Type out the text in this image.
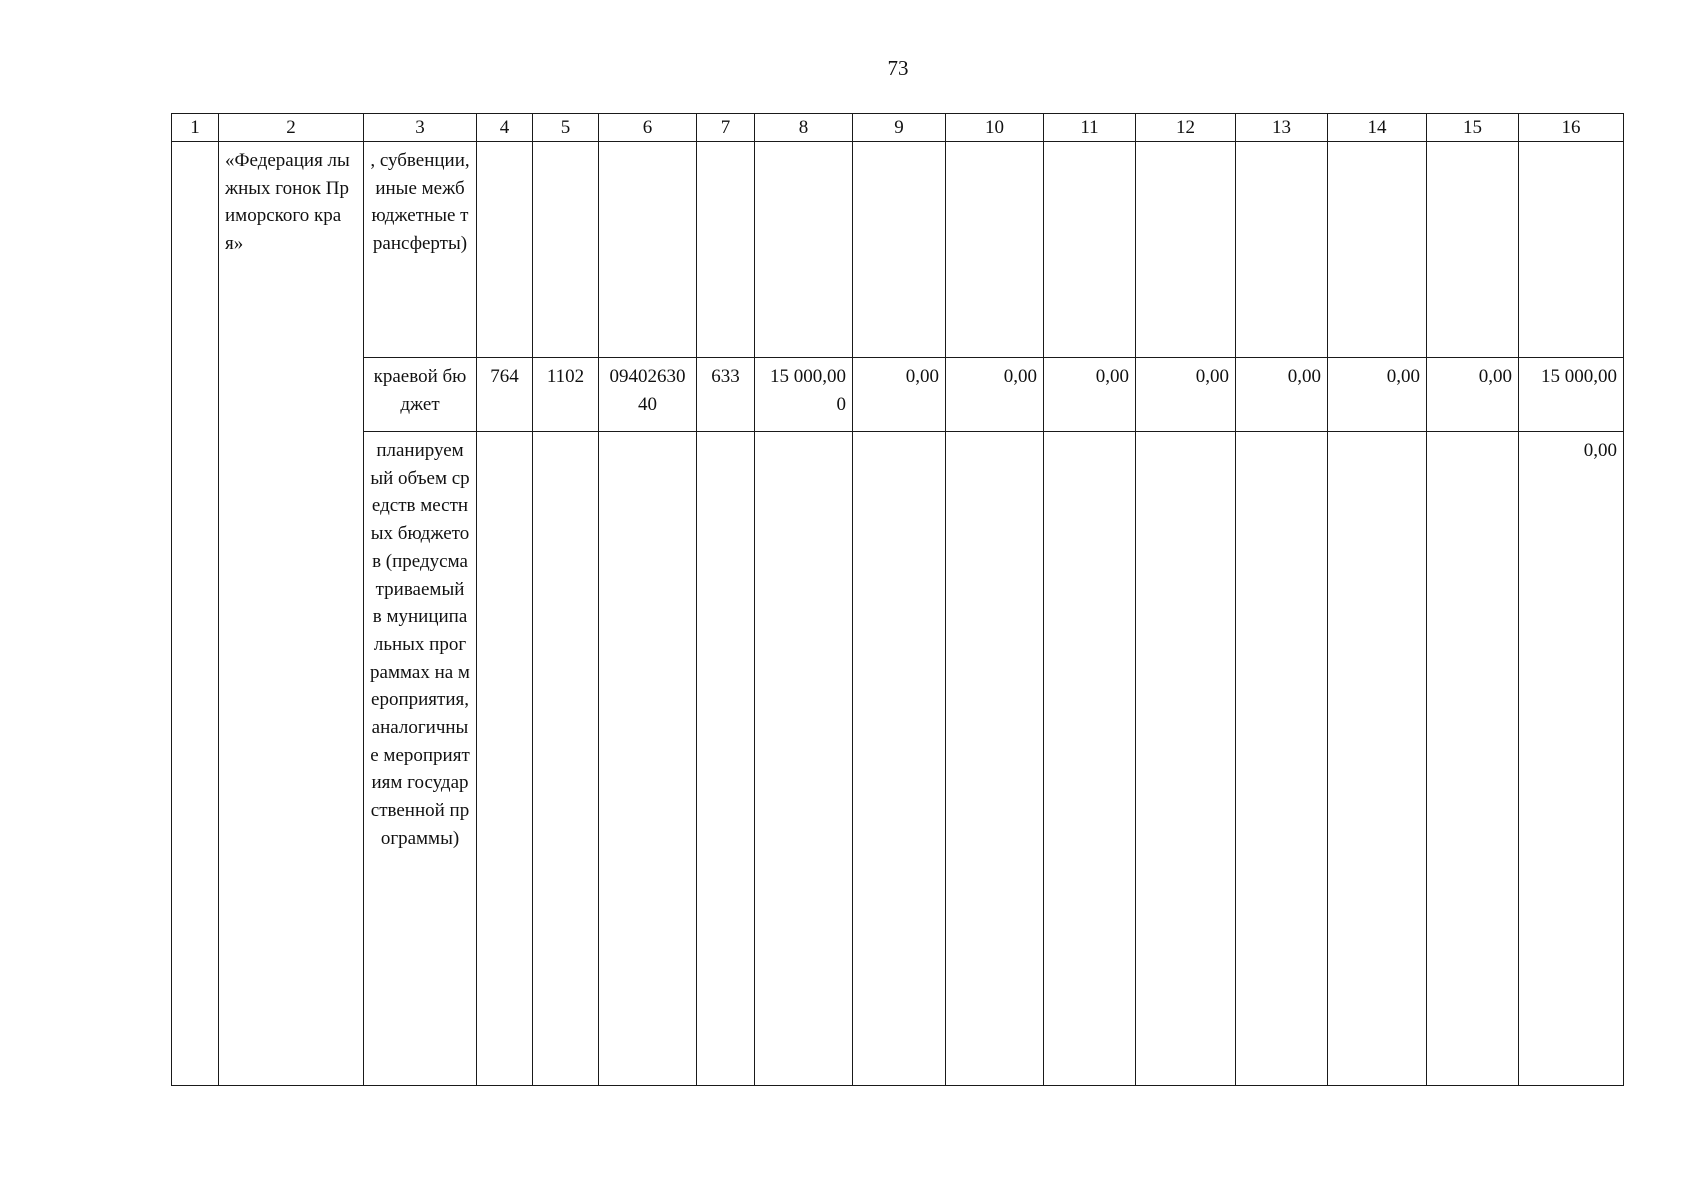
73
1	2	3	4	5	6	7	8	9	10	11	12	13	14	15	16
	«Федерация лыжных гонок Приморского края»	, субвенции, иные межбюджетные трансферты)													
		краевой бюджет	764	1102	0940263040	633	15 000,000	0,00	0,00	0,00	0,00	0,00	0,00	0,00	15 000,00
		планируемый объем средств местных бюджетов (предусматриваемый в муниципальных программах на мероприятия, аналогичные мероприятиям государственной программы)													0,00
